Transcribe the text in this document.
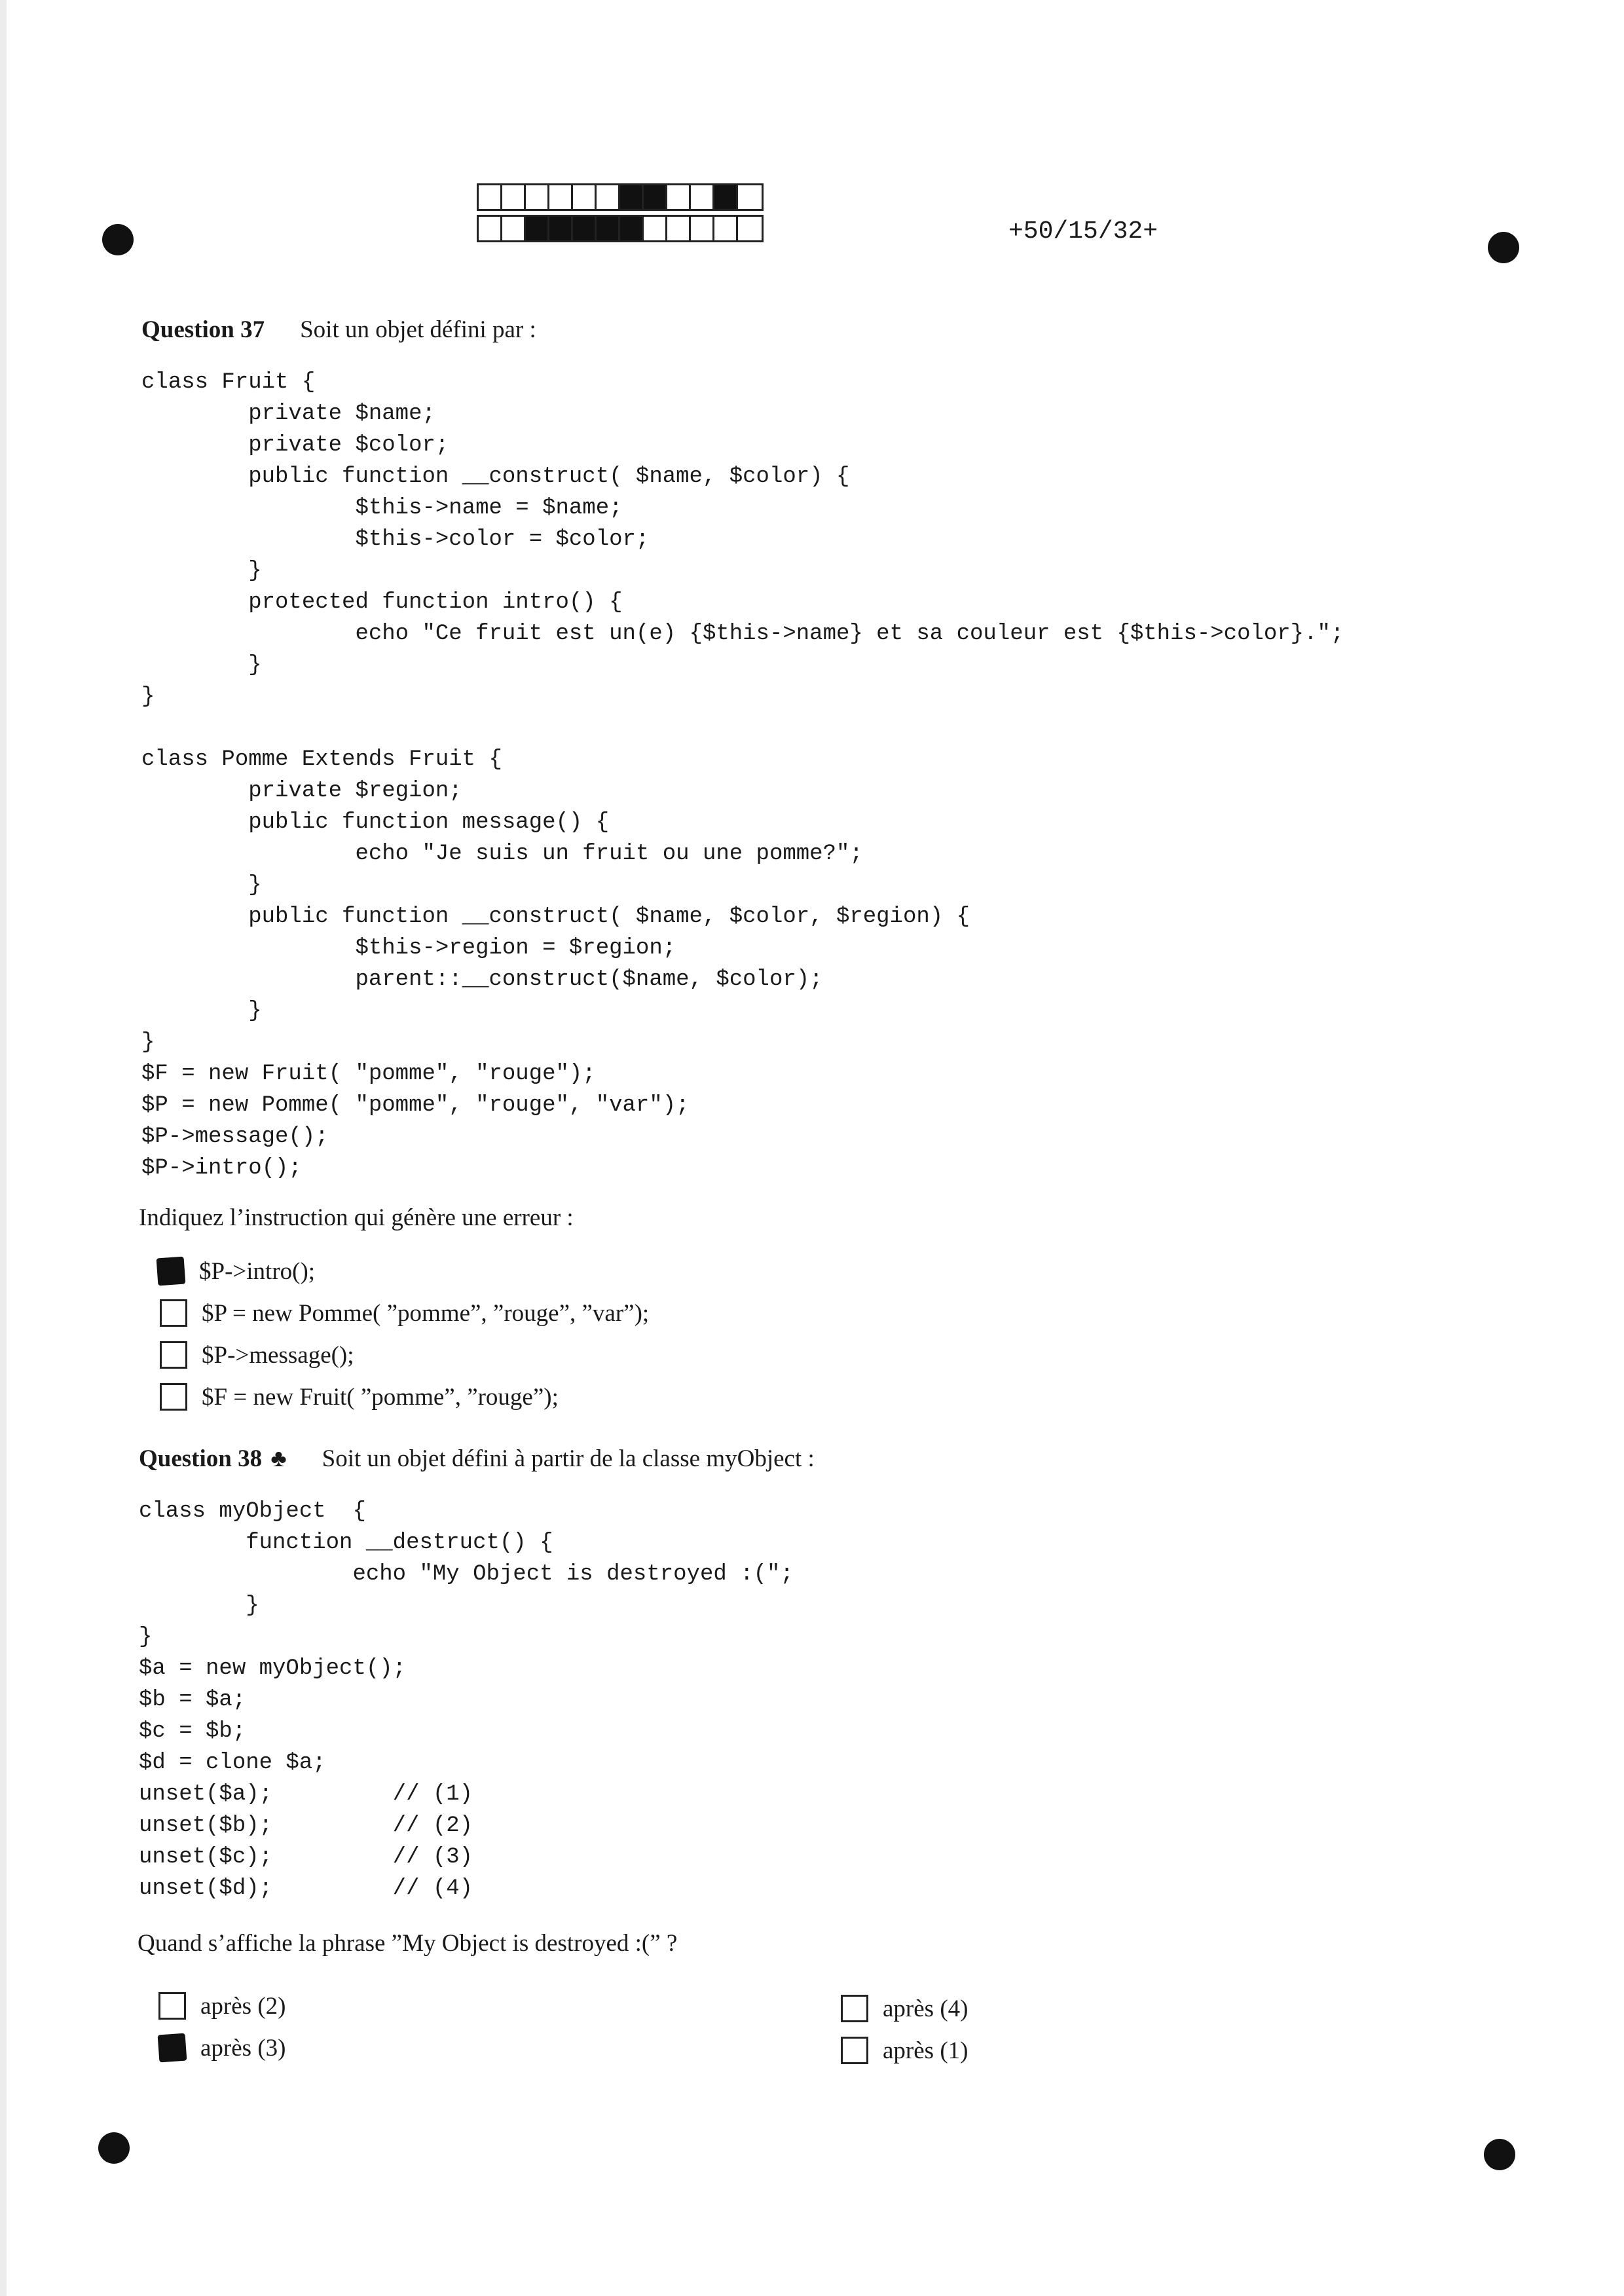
+50/15/32+
Question 37 Soit un objet défini par :
class Fruit {
private $name;
private $color;
public function __construct( $name, $color) {
$this->name = $name;
$this->color = $color;
}
protected function intro() {
echo "Ce fruit est un(e) {$this->name} et sa couleur est {$this->color}.";
}
}

class Pomme Extends Fruit {
private $region;
public function message() {
echo "Je suis un fruit ou une pomme?";
}
public function __construct( $name, $color, $region) {
$this->region = $region;
parent::__construct($name, $color);
}
}
$F = new Fruit( "pomme", "rouge");
$P = new Pomme( "pomme", "rouge", "var");
$P->message();
$P->intro();
Indiquez l’instruction qui génère une erreur :
$P->intro();
$P = new Pomme( ”pomme”, ”rouge”, ”var”);
$P->message();
$F = new Fruit( ”pomme”, ”rouge”);
Question 38 ♣ Soit un objet défini à partir de la classe myObject :
class myObject  {
function __destruct() {
echo "My Object is destroyed :(";
}
}
$a = new myObject();
$b = $a;
$c = $b;
$d = clone $a;
unset($a);         // (1)
unset($b);         // (2)
unset($c);         // (3)
unset($d);         // (4)
Quand s’affiche la phrase ”My Object is destroyed :(” ?
après (2)
après (3)
après (4)
après (1)
